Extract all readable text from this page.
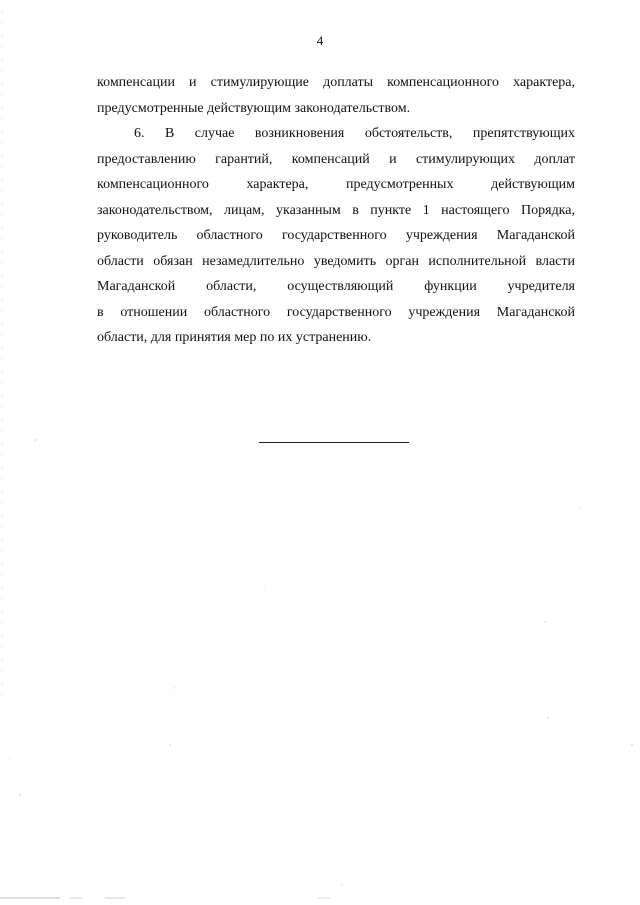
4
компенсации и стимулирующие доплаты компенсационного характера,
предусмотренные действующим законодательством.
6. В случае возникновения обстоятельств, препятствующих
предоставлению гарантий, компенсаций и стимулирующих доплат
компенсационного характера, предусмотренных действующим
законодательством, лицам, указанным в пункте 1 настоящего Порядка,
руководитель областного государственного учреждения Магаданской
области обязан незамедлительно уведомить орган исполнительной власти
Магаданской области, осуществляющий функции учредителя
в отношении областного государственного учреждения Магаданской
области, для принятия мер по их устранению.
